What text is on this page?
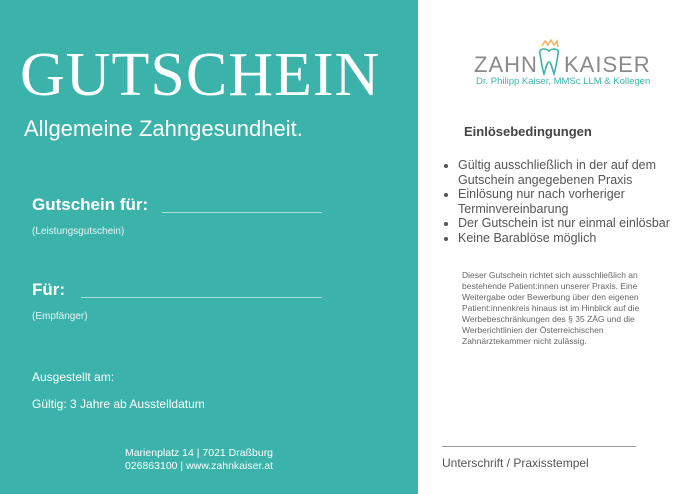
GUTSCHEIN
Allgemeine Zahngesundheit.
Gutschein für:
(Leistungsgutschein)
Für:
(Empfänger)
Ausgestellt am:
Gültig: 3 Jahre ab Ausstelldatum
Marienplatz 14 | 7021 Draßburg
026863100 | www.zahnkaiser.at
ZAHN KAISER
Dr. Philipp Kaiser, MMSc LLM & Kollegen
Einlösebedingungen
• Gültig ausschließlich in der auf dem Gutschein angegebenen Praxis
• Einlösung nur nach vorheriger Terminvereinbarung
• Der Gutschein ist nur einmal einlösbar
• Keine Barablöse möglich
Dieser Gutschein richtet sich ausschließlich an bestehende Patient:innen unserer Praxis. Eine Weitergabe oder Bewerbung über den eigenen Patient:innenkreis hinaus ist im Hinblick auf die Werbebeschränkungen des § 35 ZÄG und die Werberichtlinien der Österreichischen Zahnärztekammer nicht zulässig.
Unterschrift / Praxisstempel
